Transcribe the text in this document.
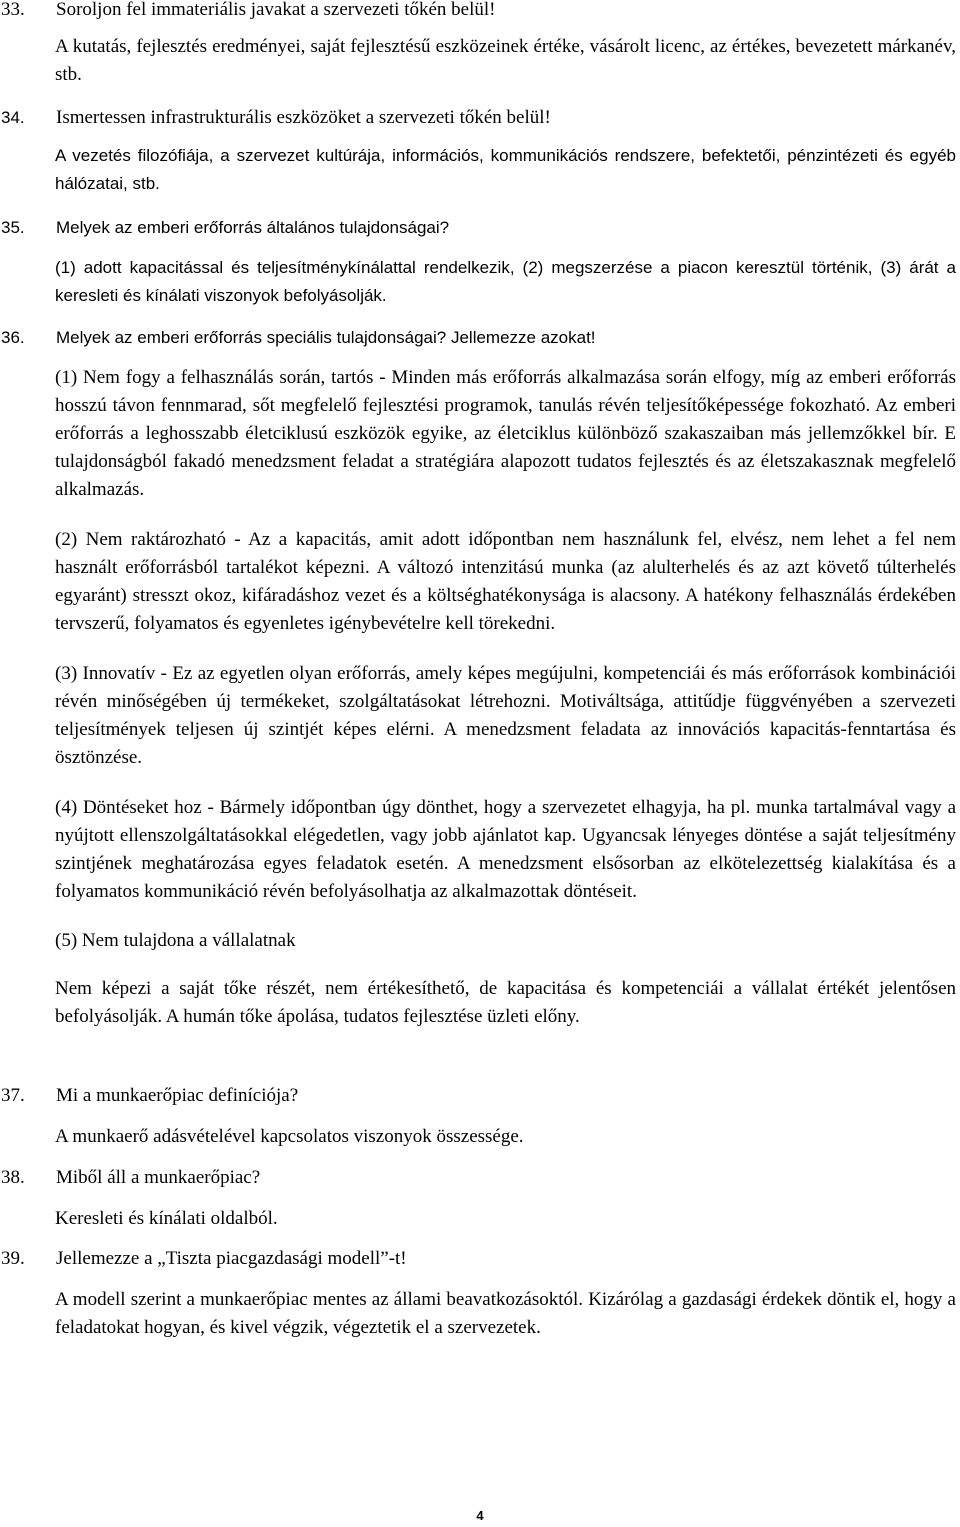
33.	Soroljon fel immateriális javakat a szervezeti tőkén belül!

A kutatás, fejlesztés eredményei, saját fejlesztésű eszközeinek értéke, vásárolt licenc, az értékes, bevezetett márkanév, stb.

34.	Ismertessen infrastrukturális eszközöket a szervezeti tőkén belül!

A vezetés filozófiája, a szervezet kultúrája, információs, kommunikációs rendszere, befektetői, pénzintézeti és egyéb hálózatai, stb.

35.	Melyek az emberi erőforrás általános tulajdonságai?

(1) adott kapacitással és teljesítménykínálattal rendelkezik, (2) megszerzése a piacon keresztül történik, (3) árát a keresleti és kínálati viszonyok befolyásolják.

36.	Melyek az emberi erőforrás speciális tulajdonságai? Jellemezze azokat!

(1) Nem fogy a felhasználás során, tartós - Minden más erőforrás alkalmazása során elfogy, míg az emberi erőforrás hosszú távon fennmarad, sőt megfelelő fejlesztési programok, tanulás révén teljesítőképessége fokozható. Az emberi erőforrás a leghosszabb életciklusú eszközök egyike, az életciklus különböző szakaszaiban más jellemzőkkel bír. E tulajdonságból fakadó menedzsment feladat a stratégiára alapozott tudatos fejlesztés és az életszakasznak megfelelő alkalmazás.

(2) Nem raktározható - Az a kapacitás, amit adott időpontban nem használunk fel, elvész, nem lehet a fel nem használt erőforrásból tartalékot képezni. A változó intenzitású munka (az alulterhelés és az azt követő túlterhelés egyaránt) stresszt okoz, kifáradáshoz vezet és a költséghatékonysága is alacsony. A hatékony felhasználás érdekében tervszerű, folyamatos és egyenletes igénybevételre kell törekedni.

(3) Innovatív - Ez az egyetlen olyan erőforrás, amely képes megújulni, kompetenciái és más erőforrások kombinációi révén minőségében új termékeket, szolgáltatásokat létrehozni. Motiváltsága, attitűdje függvényében a szervezeti teljesítmények teljesen új szintjét képes elérni. A menedzsment feladata az innovációs kapacitás-fenntartása és ösztönzése.

(4) Döntéseket hoz - Bármely időpontban úgy dönthet, hogy a szervezetet elhagyja, ha pl. munka tartalmával vagy a nyújtott ellenszolgáltatásokkal elégedetlen, vagy jobb ajánlatot kap. Ugyancsak lényeges döntése a saját teljesítmény szintjének meghatározása egyes feladatok esetén. A menedzsment elsősorban az elkötelezettség kialakítása és a folyamatos kommunikáció révén befolyásolhatja az alkalmazottak döntéseit.

(5) Nem tulajdona a vállalatnak

Nem képezi a saját tőke részét, nem értékesíthető, de kapacitása és kompetenciái a vállalat értékét jelentősen befolyásolják. A humán tőke ápolása, tudatos fejlesztése üzleti előny.

37.	Mi a munkaerőpiac definíciója?

A munkaerő adásvételével kapcsolatos viszonyok összessége.

38.	Miből áll a munkaerőpiac?

Keresleti és kínálati oldalból.

39.	Jellemezze a „Tiszta piacgazdasági modell”-t!

A modell szerint a munkaerőpiac mentes az állami beavatkozásoktól. Kizárólag a gazdasági érdekek döntik el, hogy a feladatokat hogyan, és kivel végzik, végeztetik el a szervezetek.

4
